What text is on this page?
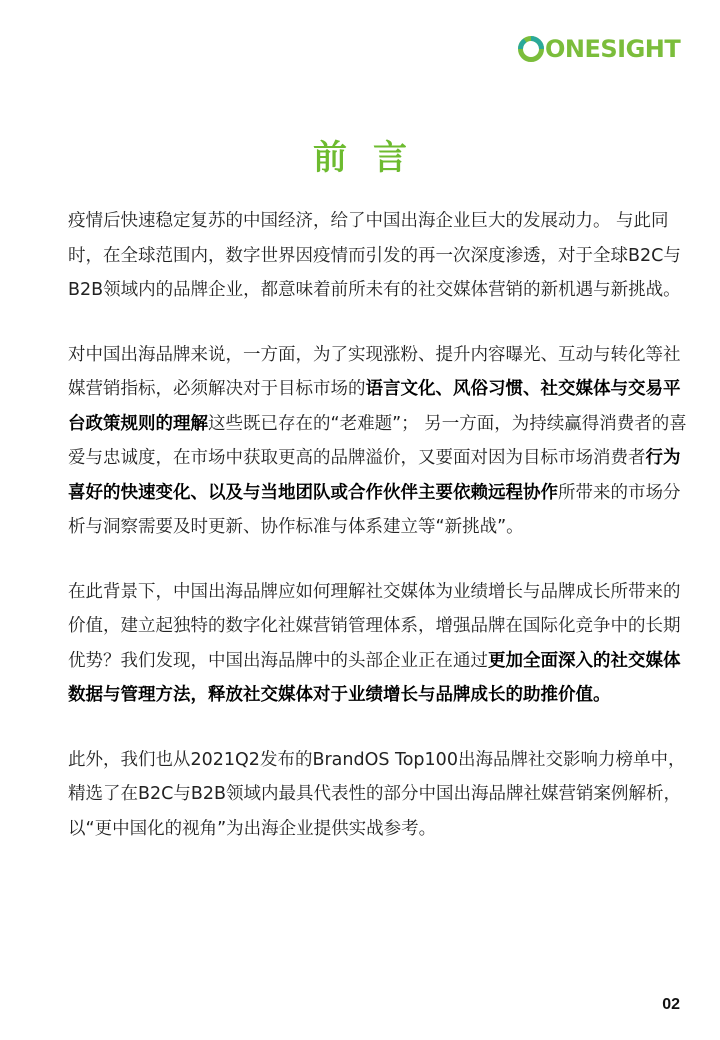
ONESIGHT
前言

疫情后快速稳定复苏的中国经济，给了中国出海企业巨大的发展动力。 与此同时，在全球范围内，数字世界因疫情而引发的再一次深度渗透，对于全球B2C与B2B领域内的品牌企业，都意味着前所未有的社交媒体营销的新机遇与新挑战。

对中国出海品牌来说，一方面，为了实现涨粉、提升内容曝光、互动与转化等社媒营销指标，必须解决对于目标市场的语言文化、风俗习惯、社交媒体与交易平台政策规则的理解这些既已存在的“老难题”； 另一方面，为持续赢得消费者的喜爱与忠诚度，在市场中获取更高的品牌溢价，又要面对因为目标市场消费者行为喜好的快速变化、以及与当地团队或合作伙伴主要依赖远程协作所带来的市场分析与洞察需要及时更新、协作标准与体系建立等“新挑战”。

在此背景下，中国出海品牌应如何理解社交媒体为业绩增长与品牌成长所带来的价值，建立起独特的数字化社媒营销管理体系，增强品牌在国际化竞争中的长期优势？我们发现，中国出海品牌中的头部企业正在通过更加全面深入的社交媒体数据与管理方法，释放社交媒体对于业绩增长与品牌成长的助推价值。

此外，我们也从2021Q2发布的BrandOS Top100出海品牌社交影响力榜单中，精选了在B2C与B2B领域内最具代表性的部分中国出海品牌社媒营销案例解析，以“更中国化的视角”为出海企业提供实战参考。

02
